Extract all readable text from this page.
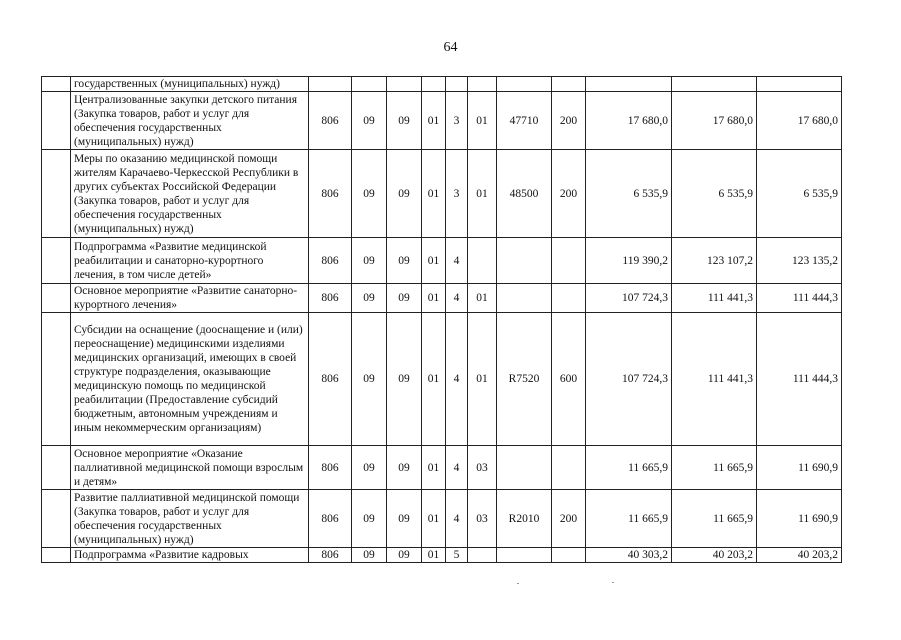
64
	государственных (муниципальных) нужд)											
	Централизованные закупки детского питания (Закупка товаров, работ и услуг для обеспечения государственных (муниципальных) нужд)	806	09	09	01	3	01	47710	200	17 680,0	17 680,0	17 680,0
	Меры по оказанию медицинской помощи жителям Карачаево-Черкесской Республики в других субъектах Российской Федерации (Закупка товаров, работ и услуг для обеспечения государственных (муниципальных) нужд)	806	09	09	01	3	01	48500	200	6 535,9	6 535,9	6 535,9
	Подпрограмма «Развитие медицинской реабилитации и санаторно-курортного лечения, в том числе детей»	806	09	09	01	4				119 390,2	123 107,2	123 135,2
	Основное мероприятие «Развитие санаторно-курортного лечения»	806	09	09	01	4	01			107 724,3	111 441,3	111 444,3
	Субсидии на оснащение (дооснащение и (или) переоснащение) медицинскими изделиями медицинских организаций, имеющих в своей структуре подразделения, оказывающие медицинскую помощь по медицинской реабилитации (Предоставление субсидий бюджетным, автономным учреждениям и иным некоммерческим организациям)	806	09	09	01	4	01	R7520	600	107 724,3	111 441,3	111 444,3
	Основное мероприятие «Оказание паллиативной медицинской помощи взрослым и детям»	806	09	09	01	4	03			11 665,9	11 665,9	11 690,9
	Развитие паллиативной медицинской помощи (Закупка товаров, работ и услуг для обеспечения государственных (муниципальных) нужд)	806	09	09	01	4	03	R2010	200	11 665,9	11 665,9	11 690,9
	Подпрограмма «Развитие кадровых	806	09	09	01	5				40 303,2	40 203,2	40 203,2
